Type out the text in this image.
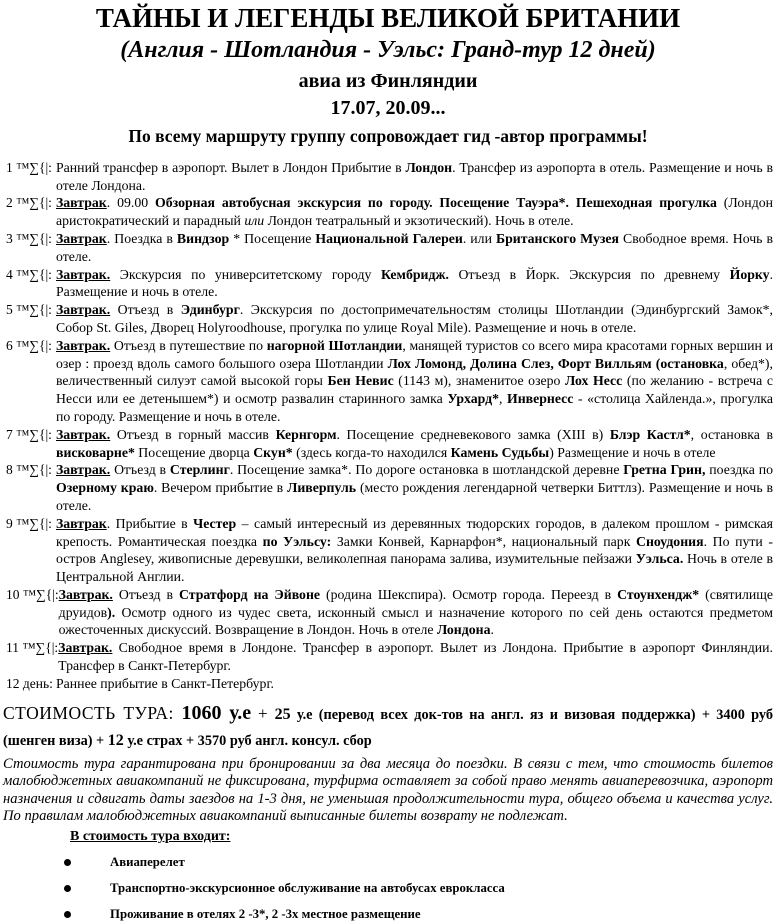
ТАЙНЫ И ЛЕГЕНДЫ ВЕЛИКОЙ БРИТАНИИ
(Англия - Шотландия - Уэльс: Гранд-тур 12 дней)
авиа из Финляндии
17.07, 20.09...
По всему маршруту группу сопровождает гид -автор программы!
1 ™∑{|: Ранний трансфер в аэропорт. Вылет в Лондон Прибытие в Лондон. Трансфер из аэропорта в отель. Размещение и ночь в отеле Лондона.
2 ™∑{|: Завтрак. 09.00 Обзорная автобусная экскурсия по городу. Посещение Тауэра*. Пешеходная прогулка (Лондон аристократический и парадный или Лондон театральный и экзотический). Ночь в отеле.
3 ™∑{|: Завтрак. Поездка в Виндзор * Посещение Национальной Галереи. или Британского Музея Свободное время. Ночь в отеле.
4 ™∑{|: Завтрак. Экскурсия по университетскому городу Кембридж. Отъезд в Йорк. Экскурсия по древнему Йорку. Размещение и ночь в отеле.
5 ™∑{|: Завтрак. Отъезд в Эдинбург. Экскурсия по достопримечательностям столицы Шотландии (Эдинбургский Замок*, Собор St. Giles, Дворец Holyroodhouse, прогулка по улице Royal Mile). Размещение и ночь в отеле.
6 ™∑{|: Завтрак. Отъезд в путешествие по нагорной Шотландии, манящей туристов со всего мира красотами горных вершин и озер : проезд вдоль самого большого озера Шотландии Лох Ломонд, Долина Слез, Форт Вилльям (остановка, обед*), величественный силуэт самой высокой горы Бен Невис (1143 м), знаменитое озеро Лох Несс (по желанию - встреча с Несси или ее детенышем*) и осмотр развалин старинного замка Урхард*, Инвернесс - «столица Хайленда.», прогулка по городу. Размещение и ночь в отеле.
7 ™∑{|: Завтрак. Отъезд в горный массив Кернгорм. Посещение средневекового замка (XIII в) Блэр Кастл*, остановка в висковарне* Посещение дворца Скун* (здесь когда-то находился Камень Судьбы) Размещение и ночь в отеле
8 ™∑{|: Завтрак. Отъезд в Стерлинг. Посещение замка*. По дороге остановка в шотландской деревне Гретна Грин, поездка по Озерному краю. Вечером прибытие в Ливерпуль (место рождения легендарной четверки Биттлз). Размещение и ночь в отеле.
9 ™∑{|: Завтрак. Прибытие в Честер – самый интересный из деревянных тюдорских городов, в далеком прошлом - римская крепость. Романтическая поездка по Уэльсу: Замки Конвей, Карнарфон*, национальный парк Сноудония. По пути - остров Anglesey, живописные деревушки, великолепная панорама залива, изумительные пейзажи Уэльса. Ночь в отеле в Центральной Англии.
10 ™∑{|: Завтрак. Отъезд в Стратфорд на Эйвоне (родина Шекспира). Осмотр города. Переезд в Стоунхендж* (святилище друидов). Осмотр одного из чудес света, исконный смысл и назначение которого по сей день остаются предметом ожесточенных дискуссий. Возвращение в Лондон. Ночь в отеле Лондона.
11 ™∑{|: Завтрак. Свободное время в Лондоне. Трансфер в аэропорт. Вылет из Лондона. Прибытие в аэропорт Финляндии. Трансфер в Санкт-Петербург.
12 день: Раннее прибытие в Санкт-Петербург.
СТОИМОСТЬ ТУРА: 1060 у.е + 25 у.е (перевод всех док-тов на англ. яз и визовая поддержка) + 3400 руб (шенген виза) + 12 у.е страх + 3570 руб англ. консул. сбор
Стоимость тура гарантирована при бронировании за два месяца до поездки. В связи с тем, что стоимость билетов малобюджетных авиакомпаний не фиксирована, турфирма оставляет за собой право менять авиаперевозчика, аэропорт назначения и сдвигать даты заездов на 1-3 дня, не уменьшая продолжительности тура, общего объема и качества услуг. По правилам малобюджетных авиакомпаний выписанные билеты возврату не подлежат.
В стоимость тура входит:
Авиаперелет
Транспортно-экскурсионное обслуживание на автобусах еврокласса
Проживание в отелях 2 -3*, 2 -3х местное размещение
